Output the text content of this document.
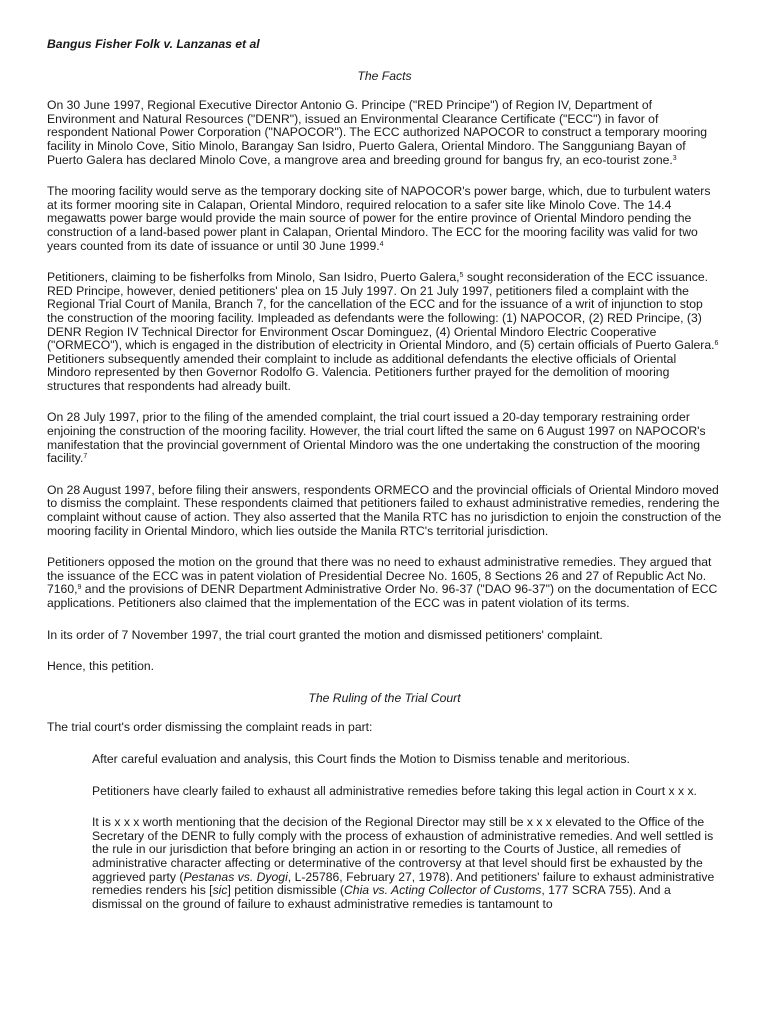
Bangus Fisher Folk v. Lanzanas et al
The Facts

On 30 June 1997, Regional Executive Director Antonio G. Principe ("RED Principe") of Region IV, Department of Environment and Natural Resources ("DENR"), issued an Environmental Clearance Certificate ("ECC") in favor of respondent National Power Corporation ("NAPOCOR"). The ECC authorized NAPOCOR to construct a temporary mooring facility in Minolo Cove, Sitio Minolo, Barangay San Isidro, Puerto Galera, Oriental Mindoro. The Sangguniang Bayan of Puerto Galera has declared Minolo Cove, a mangrove area and breeding ground for bangus fry, an eco-tourist zone.$^3$

The mooring facility would serve as the temporary docking site of NAPOCOR's power barge, which, due to turbulent waters at its former mooring site in Calapan, Oriental Mindoro, required relocation to a safer site like Minolo Cove. The 14.4 megawatts power barge would provide the main source of power for the entire province of Oriental Mindoro pending the construction of a land-based power plant in Calapan, Oriental Mindoro. The ECC for the mooring facility was valid for two years counted from its date of issuance or until 30 June 1999.$^4$

Petitioners, claiming to be fisherfolks from Minolo, San Isidro, Puerto Galera,$^5$ sought reconsideration of the ECC issuance. RED Principe, however, denied petitioners' plea on 15 July 1997. On 21 July 1997, petitioners filed a complaint with the Regional Trial Court of Manila, Branch 7, for the cancellation of the ECC and for the issuance of a writ of injunction to stop the construction of the mooring facility. Impleaded as defendants were the following: (1) NAPOCOR, (2) RED Principe, (3) DENR Region IV Technical Director for Environment Oscar Dominguez, (4) Oriental Mindoro Electric Cooperative ("ORMECO"), which is engaged in the distribution of electricity in Oriental Mindoro, and (5) certain officials of Puerto Galera.$^6$ Petitioners subsequently amended their complaint to include as additional defendants the elective officials of Oriental Mindoro represented by then Governor Rodolfo G. Valencia. Petitioners further prayed for the demolition of mooring structures that respondents had already built.

On 28 July 1997, prior to the filing of the amended complaint, the trial court issued a 20-day temporary restraining order enjoining the construction of the mooring facility. However, the trial court lifted the same on 6 August 1997 on NAPOCOR's manifestation that the provincial government of Oriental Mindoro was the one undertaking the construction of the mooring facility.$^7$

On 28 August 1997, before filing their answers, respondents ORMECO and the provincial officials of Oriental Mindoro moved to dismiss the complaint. These respondents claimed that petitioners failed to exhaust administrative remedies, rendering the complaint without cause of action. They also asserted that the Manila RTC has no jurisdiction to enjoin the construction of the mooring facility in Oriental Mindoro, which lies outside the Manila RTC's territorial jurisdiction.

Petitioners opposed the motion on the ground that there was no need to exhaust administrative remedies. They argued that the issuance of the ECC was in patent violation of Presidential Decree No. 1605, 8 Sections 26 and 27 of Republic Act No. 7160,$^9$ and the provisions of DENR Department Administrative Order No. 96-37 ("DAO 96-37") on the documentation of ECC applications. Petitioners also claimed that the implementation of the ECC was in patent violation of its terms.

In its order of 7 November 1997, the trial court granted the motion and dismissed petitioners' complaint.

Hence, this petition.

The Ruling of the Trial Court

The trial court's order dismissing the complaint reads in part:

After careful evaluation and analysis, this Court finds the Motion to Dismiss tenable and meritorious.

Petitioners have clearly failed to exhaust all administrative remedies before taking this legal action in Court x x x.

It is x x x worth mentioning that the decision of the Regional Director may still be x x x elevated to the Office of the Secretary of the DENR to fully comply with the process of exhaustion of administrative remedies. And well settled is the rule in our jurisdiction that before bringing an action in or resorting to the Courts of Justice, all remedies of administrative character affecting or determinative of the controversy at that level should first be exhausted by the aggrieved party (Pestanas vs. Dyogi, L-25786, February 27, 1978). And petitioners' failure to exhaust administrative remedies renders his [sic] petition dismissible (Chia vs. Acting Collector of Customs, 177 SCRA 755). And a dismissal on the ground of failure to exhaust administrative remedies is tantamount to
